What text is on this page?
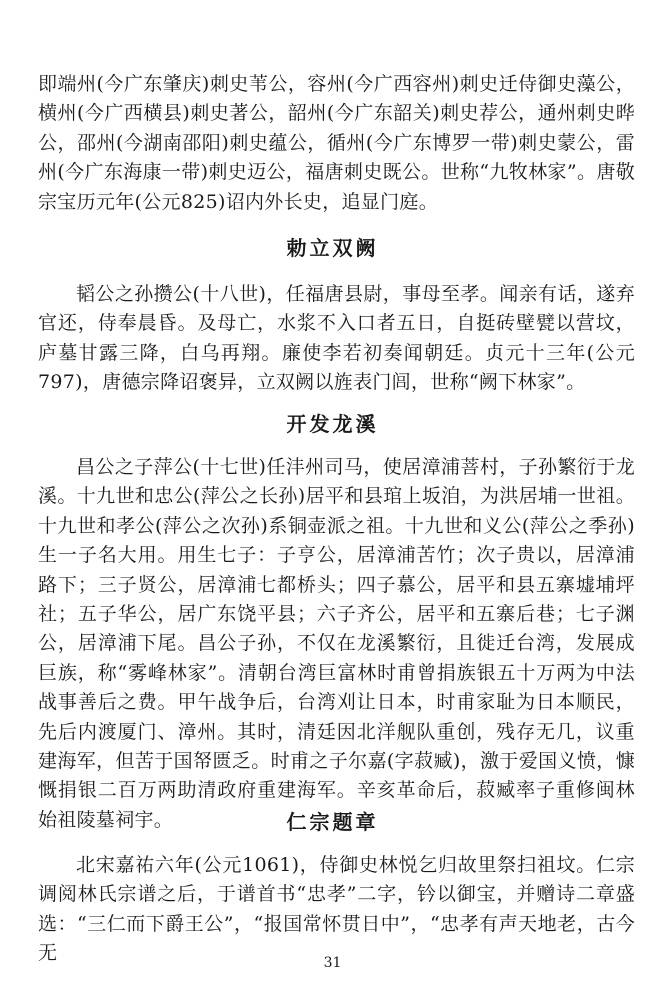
即端州(今广东肇庆)刺史苇公，容州(今广西容州)刺史迁侍御史藻公，横州(今广西横县)刺史著公，韶州(今广东韶关)刺史荐公，通州刺史晔公，邵州(今湖南邵阳)刺史蕴公，循州(今广东博罗一带)刺史蒙公，雷州(今广东海康一带)刺史迈公，福唐刺史既公。世称“九牧林家”。唐敬宗宝历元年(公元825)诏内外长史，追显门庭。
勅立双阙
韬公之孙攒公(十八世)，任福唐县尉，事母至孝。闻亲有话，遂弃官还，侍奉晨昏。及母亡，水浆不入口者五日，自挺砖壁甓以营坟，庐墓甘露三降，白乌再翔。廉使李若初奏闻朝廷。贞元十三年(公元797)，唐德宗降诏褒异，立双阙以旌表门闾，世称“阙下林家”。
开发龙溪
昌公之子萍公(十七世)任沣州司马，使居漳浦菩村，子孙繁衍于龙溪。十九世和忠公(萍公之长孙)居平和县琯上坂洎，为洪居埔一世祖。十九世和孝公(萍公之次孙)系铜壶派之祖。十九世和义公(萍公之季孙)生一子名大用。用生七子：子亨公，居漳浦苦竹；次子贵以，居漳浦路下；三子贤公，居漳浦七都桥头；四子慕公，居平和县五寨墟埔坪社；五子华公，居广东饶平县；六子齐公，居平和五寨后巷；七子渊公，居漳浦下尾。昌公子孙，不仅在龙溪繁衍，且徙迁台湾，发展成巨族，称“雾峰林家”。清朝台湾巨富林时甫曾捐族银五十万两为中法战事善后之费。甲午战争后，台湾刈让日本，时甫家耻为日本顺民，先后内渡厦门、漳州。其时，清廷因北洋舰队重创，残存无几，议重建海军，但苦于国帑匮乏。时甫之子尔嘉(字菽臧)，激于爱国义愤，慷慨捐银二百万两助清政府重建海军。辛亥革命后，菽臧率子重修闽林始祖陵墓祠宇。	仁宗题章
北宋嘉祐六年(公元1061)，侍御史林悦乞归故里祭扫祖坟。仁宗调阅林氏宗谱之后，于谱首书“忠孝”二字，钤以御宝，并赠诗二章盛选：“三仁而下爵王公”，“报国常怀贯日中”，“忠孝有声天地老，古今无	31
